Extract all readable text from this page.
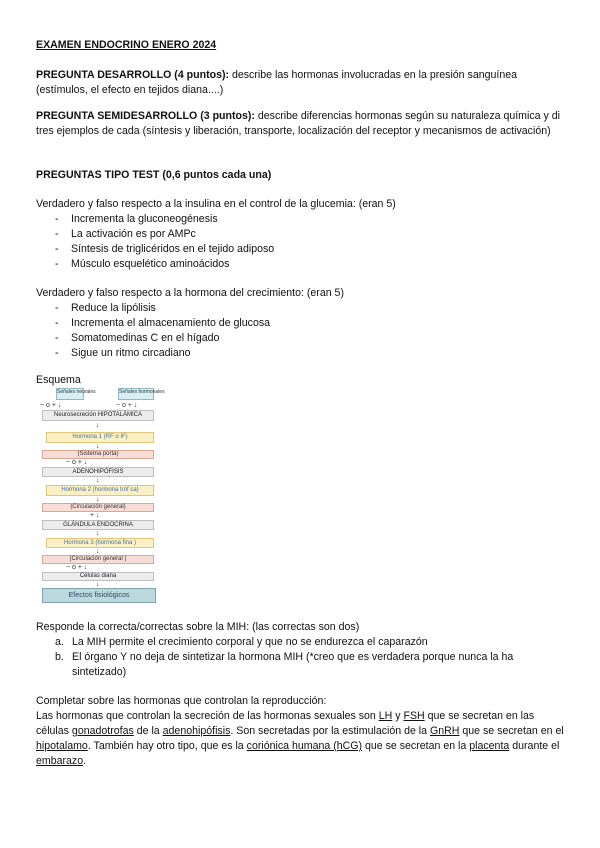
EXAMEN ENDOCRINO ENERO 2024
PREGUNTA DESARROLLO (4 puntos): describe las hormonas involucradas en la presión sanguínea (estímulos, el efecto en tejidos diana....)
PREGUNTA SEMIDESARROLLO (3 puntos): describe diferencias hormonas según su naturaleza química y di tres ejemplos de cada (síntesis y liberación, transporte, localización del receptor y mecanismos de activación)
PREGUNTAS TIPO TEST (0,6 puntos cada una)
Verdadero y falso respecto a la insulina en el control de la glucemia: (eran 5)
- Incrementa la gluconeogénesis
- La activación es por AMPc
- Síntesis de triglicéridos en el tejido adiposo
- Músculo esquelético aminoácidos
Verdadero y falso respecto a la hormona del crecimiento: (eran 5)
- Reduce la lipólisis
- Incrementa el almacenamiento de glucosa
- Somatomedinas C en el hígado
- Sigue un ritmo circadiano
Esquema
Señales neurales	Señales hormonales
− o + ↓	− o + ↓
Neurosecreción HIPOTALÁMICA
↓
Hormona 1 (RF o IF)
↓
(Sistema porta)
− o + ↓
ADENOHIPÓFISIS
↓
Hormona 2 (hormona tróf ca)
↓
(Circulación general)
+ ↓
GLÁNDULA ENDOCRINA
↓
Hormona 3 (hormona fina )
↓
(Circulación general )
− o + ↓
Células diana
↓
Efectos fisiológicos
Responde la correcta/correctas sobre la MIH: (las correctas son dos)
a. La MIH permite el crecimiento corporal y que no se endurezca el caparazón
b. El órgano Y no deja de sintetizar la hormona MIH (*creo que es verdadera porque nunca la ha sintetizado)
Completar sobre las hormonas que controlan la reproducción:
Las hormonas que controlan la secreción de las hormonas sexuales son LH y FSH que se secretan en las células gonadotrofas de la adenohipófisis. Son secretadas por la estimulación de la GnRH que se secretan en el hipotalamo. También hay otro tipo, que es la coriónica humana (hCG) que se secretan en la placenta durante el embarazo.
